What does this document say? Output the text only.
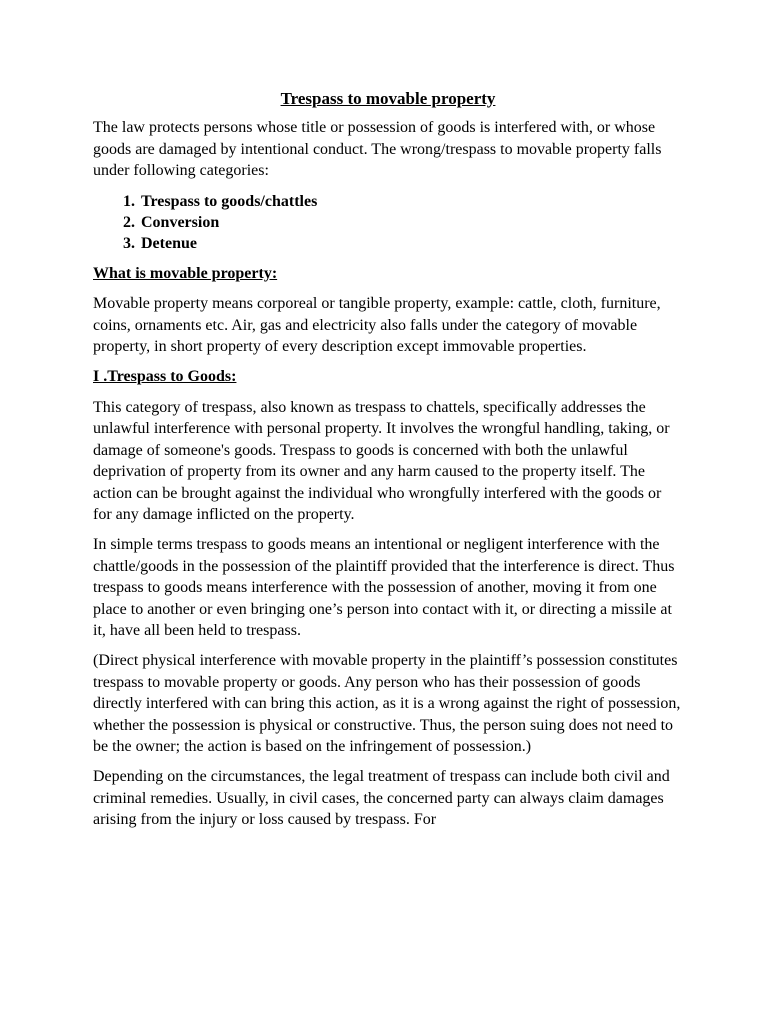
Trespass to movable property

The law protects persons whose title or possession of goods is interfered with, or whose goods are damaged by intentional conduct. The wrong/trespass to movable property falls under following categories:

1. Trespass to goods/chattles
2. Conversion
3. Detenue
What is movable property:

Movable property means corporeal or tangible property, example: cattle, cloth, furniture, coins, ornaments etc. Air, gas and electricity also falls under the category of movable property, in short property of every description except immovable properties.

I .Trespass to Goods:

This category of trespass, also known as trespass to chattels, specifically addresses the unlawful interference with personal property. It involves the wrongful handling, taking, or damage of someone's goods. Trespass to goods is concerned with both the unlawful deprivation of property from its owner and any harm caused to the property itself. The action can be brought against the individual who wrongfully interfered with the goods or for any damage inflicted on the property.

In simple terms trespass to goods means an intentional or negligent interference with the chattle/goods in the possession of the plaintiff provided that the interference is direct. Thus trespass to goods means interference with the possession of another, moving it from one place to another or even bringing one’s person into contact with it, or directing a missile at it, have all been held to trespass.

(Direct physical interference with movable property in the plaintiff’s possession constitutes trespass to movable property or goods. Any person who has their possession of goods directly interfered with can bring this action, as it is a wrong against the right of possession, whether the possession is physical or constructive. Thus, the person suing does not need to be the owner; the action is based on the infringement of possession.)

Depending on the circumstances, the legal treatment of trespass can include both civil and criminal remedies. Usually, in civil cases, the concerned party can always claim damages arising from the injury or loss caused by trespass. For
